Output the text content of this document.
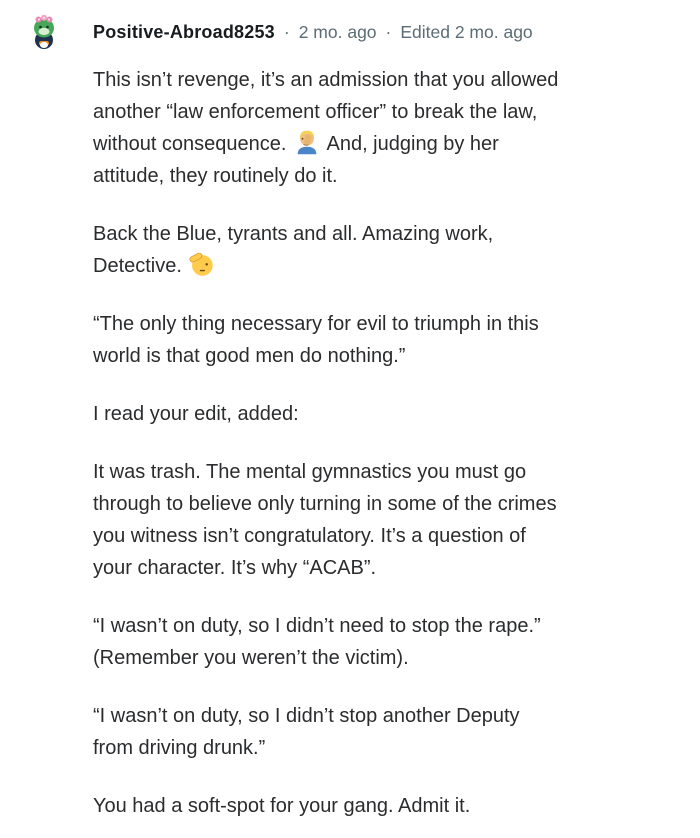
Positive-Abroad8253 · 2 mo. ago · Edited 2 mo. ago
This isn’t revenge, it’s an admission that you allowed
another “law enforcement officer” to break the law,
without consequence.  And, judging by her
attitude, they routinely do it.
Back the Blue, tyrants and all. Amazing work,
Detective.
“The only thing necessary for evil to triumph in this
world is that good men do nothing.”
I read your edit, added:
It was trash. The mental gymnastics you must go
through to believe only turning in some of the crimes
you witness isn’t congratulatory. It’s a question of
your character. It’s why “ACAB”.
“I wasn’t on duty, so I didn’t need to stop the rape.”
(Remember you weren’t the victim).
“I wasn’t on duty, so I didn’t stop another Deputy
from driving drunk.”
You had a soft-spot for your gang. Admit it.
